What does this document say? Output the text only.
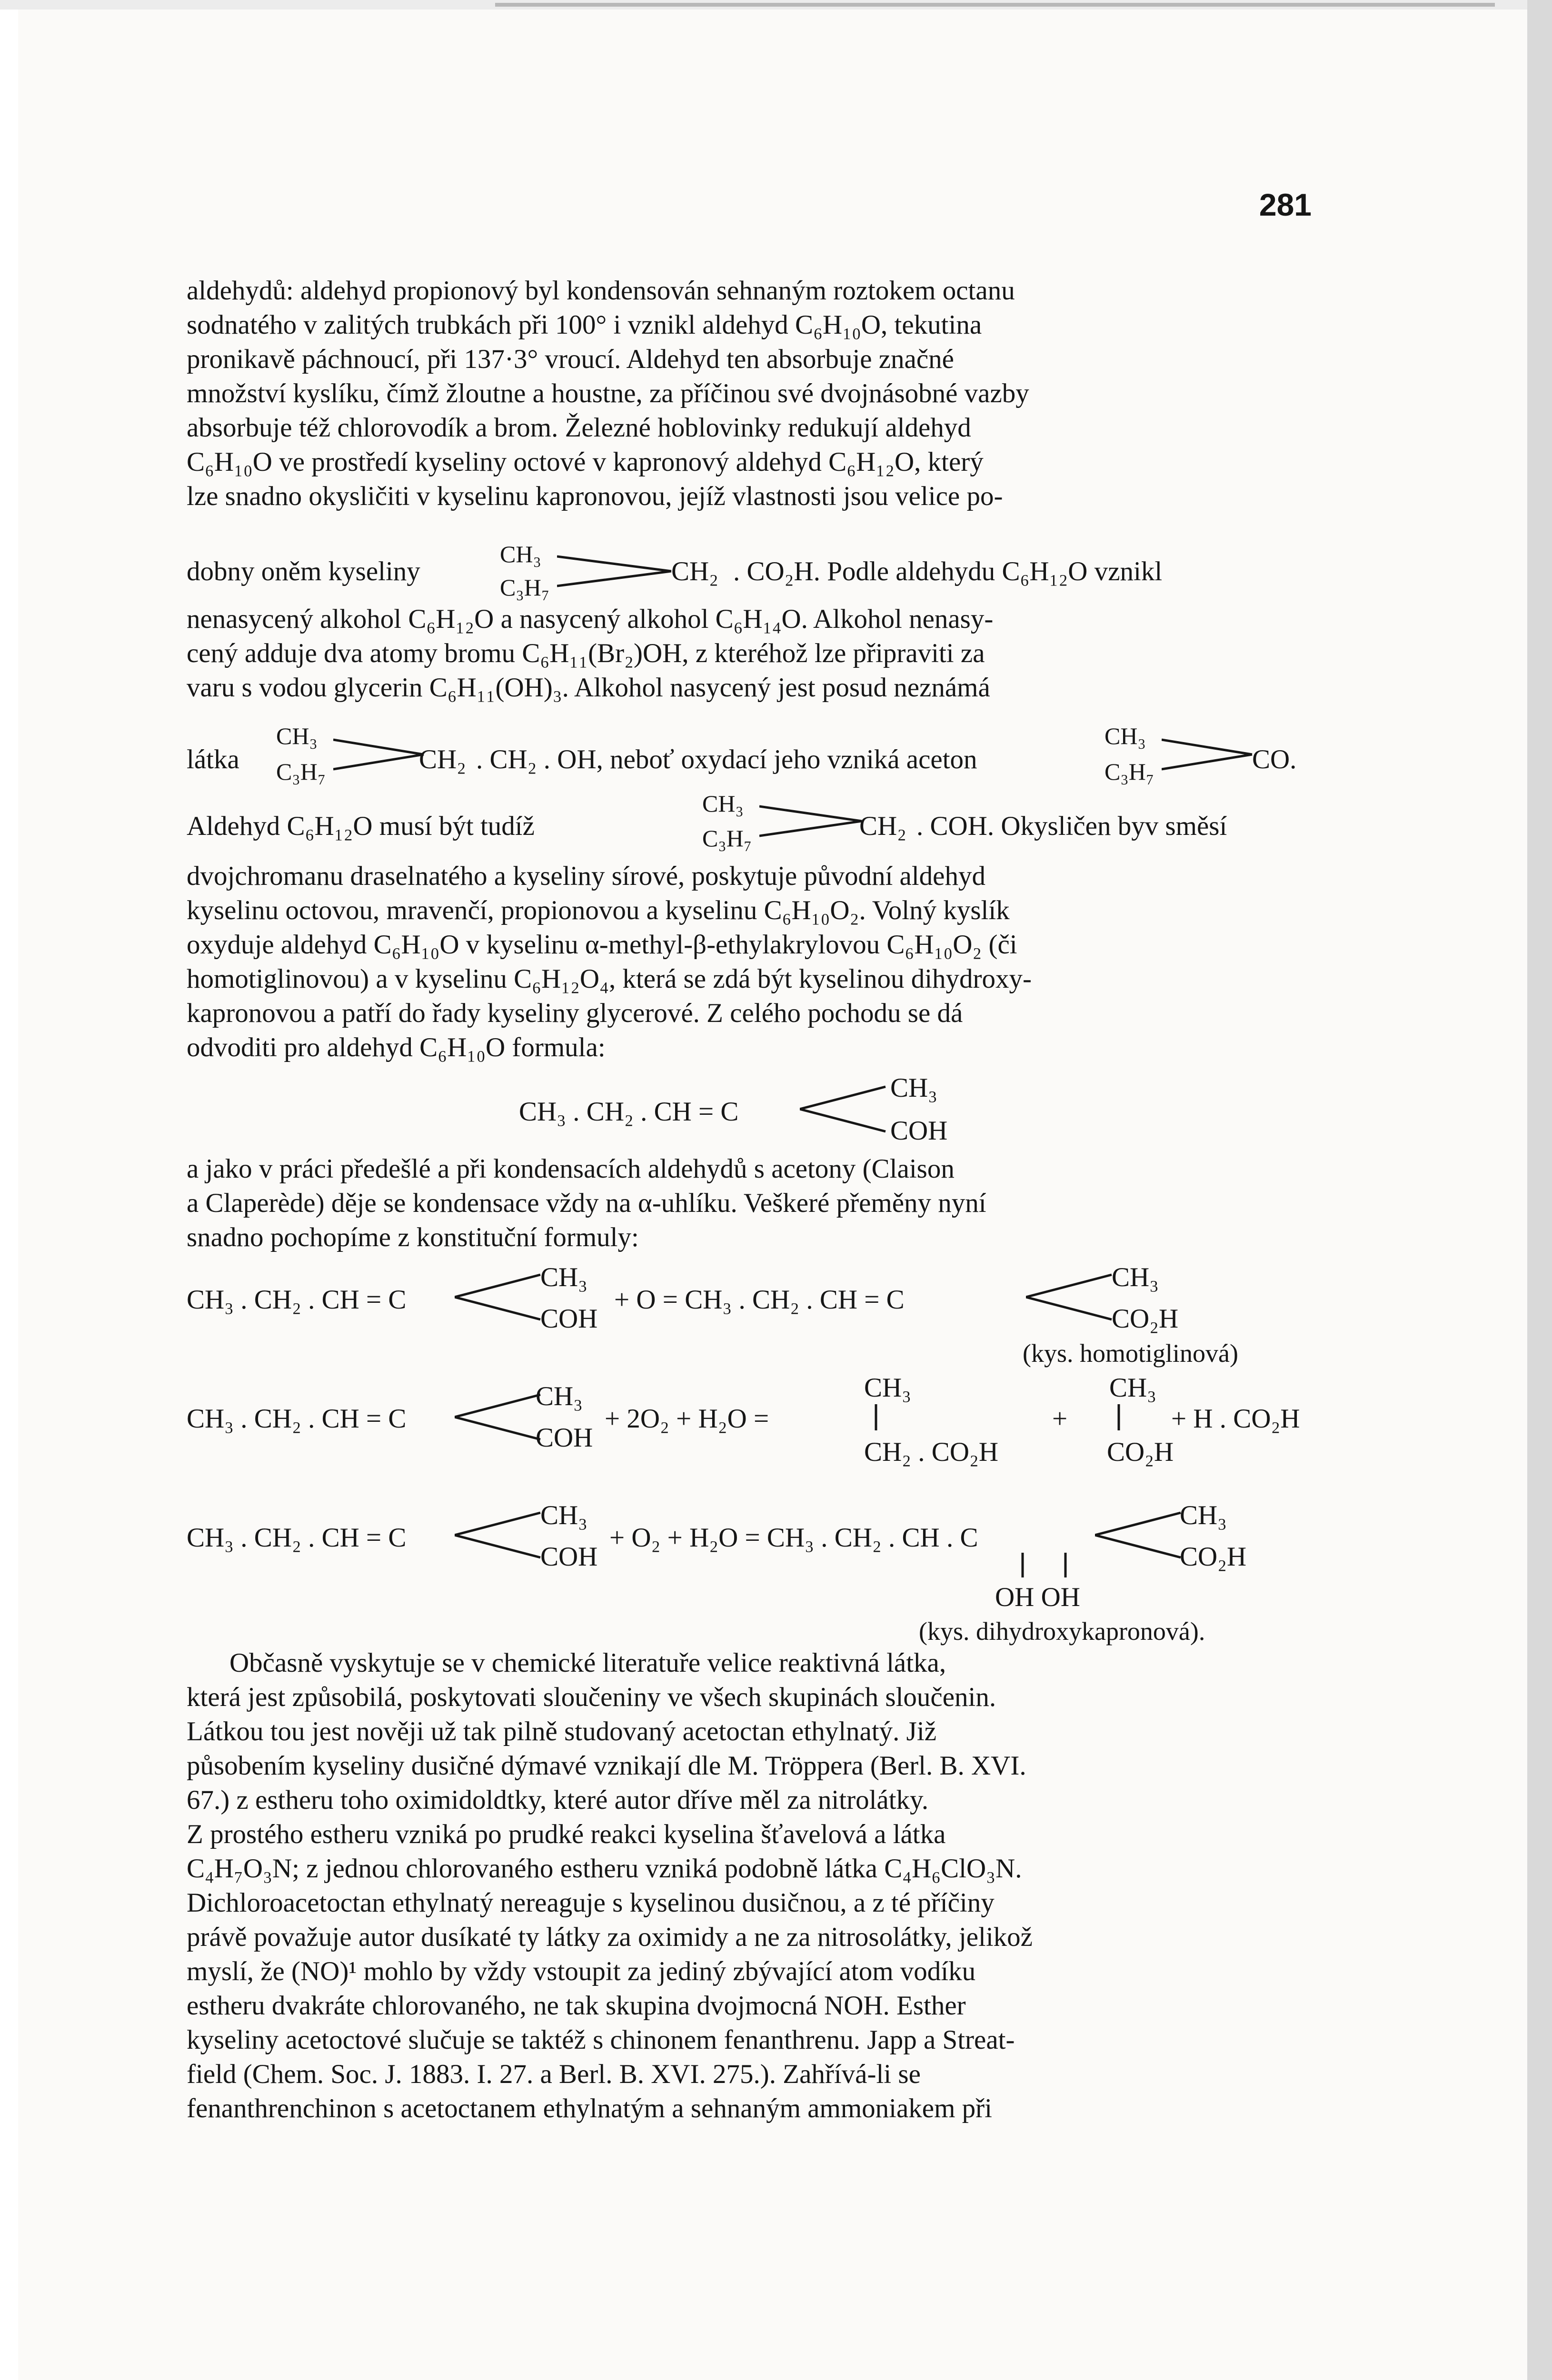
281

aldehydů: aldehyd propionový byl kondensován sehnaným roztokem octanu

sodnatého v zalitých trubkách při 100° i vznikl aldehyd C₆H₁₀O, tekutina

pronikavě páchnoucí, při 137·3° vroucí. Aldehyd ten absorbuje značné

množství kyslíku, čímž žloutne a houstne, za příčinou své dvojnásobné vazby

absorbuje též chlorovodík a brom. Železné hoblovinky redukují aldehyd

C₆H₁₀O ve prostředí kyseliny octové v kapronový aldehyd C₆H₁₂O, který

lze snadno okysličiti v kyselinu kapronovou, jejíž vlastnosti jsou velice po-

dobny oněm kyseliny
CH₃
C₃H₇
CH₂ . CO₂H. Podle aldehydu C₆H₁₂O vznikl

nenasycený alkohol C₆H₁₂O a nasycený alkohol C₆H₁₄O. Alkohol nenasy-

cený adduje dva atomy bromu C₆H₁₁(Br₂)OH, z kteréhož lze připraviti za

varu s vodou glycerin C₆H₁₁(OH)₃. Alkohol nasycený jest posud neznámá

látka
CH₃
C₃H₇	CH₂ . CH₂ . OH, neboť oxydací jeho vzniká aceton
CH₃
C₃H₇	CO.
Aldehyd C₆H₁₂O musí být tudíž
CH₃
C₃H₇	CH₂ . COH. Okysličen byv směsí

dvojchromanu draselnatého a kyseliny sírové, poskytuje původní aldehyd

kyselinu octovou, mravenčí, propionovou a kyselinu C₆H₁₀O₂. Volný kyslík

oxyduje aldehyd C₆H₁₀O v kyselinu α-methyl-β-ethylakrylovou C₆H₁₀O₂ (či

homotiglinovou) a v kyselinu C₆H₁₂O₄, která se zdá být kyselinou dihydroxy-

kapronovou a patří do řady kyseliny glycerové. Z celého pochodu se dá

odvoditi pro aldehyd C₆H₁₀O formula:

CH₃ . CH₂ . CH = C
CH₃
COH

a jako v práci předešlé a při kondensacích aldehydů s acetony (Claison

a Claperède) děje se kondensace vždy na α-uhlíku. Veškeré přeměny nyní

snadno pochopíme z konstituční formuly:

CH₃ . CH₂ . CH = C
CH₃
COH
+ O = CH₃ . CH₂ . CH = C
CH₃
CO₂H
(kys. homotiglinová)
CH₃ . CH₂ . CH = C
CH₃
COH
+ 2O₂ + H₂O =
CH₃
CH₂ . CO₂H
+
CH₃
CO₂H
+ H . CO₂H
CH₃ . CH₂ . CH = C
CH₃
COH
+ O₂ + H₂O = CH₃ . CH₂ . CH . C
CH₃
CO₂H
OH OH
(kys. dihydroxykapronová).

Občasně vyskytuje se v chemické literatuře velice reaktivná látka,

která jest způsobilá, poskytovati sloučeniny ve všech skupinách sloučenin.

Látkou tou jest nověji už tak pilně studovaný acetoctan ethylnatý. Již

působením kyseliny dusičné dýmavé vznikají dle M. Tröppera (Berl. B. XVI.

67.) z estheru toho oximidoldtky, které autor dříve měl za nitrolátky.

Z prostého estheru vzniká po prudké reakci kyselina šťavelová a látka

C₄H₇O₃N; z jednou chlorovaného estheru vzniká podobně látka C₄H₆ClO₃N.

Dichloroacetoctan ethylnatý nereaguje s kyselinou dusičnou, a z té příčiny

právě považuje autor dusíkaté ty látky za oximidy a ne za nitrosolátky, jelikož

myslí, že (NO)¹ mohlo by vždy vstoupit za jediný zbývající atom vodíku

estheru dvakráte chlorovaného, ne tak skupina dvojmocná NOH. Esther

kyseliny acetoctové slučuje se taktéž s chinonem fenanthrenu. Japp a Streat-

field (Chem. Soc. J. 1883. I. 27. a Berl. B. XVI. 275.). Zahřívá-li se

fenanthrenchinon s acetoctanem ethylnatým a sehnaným ammoniakem při
